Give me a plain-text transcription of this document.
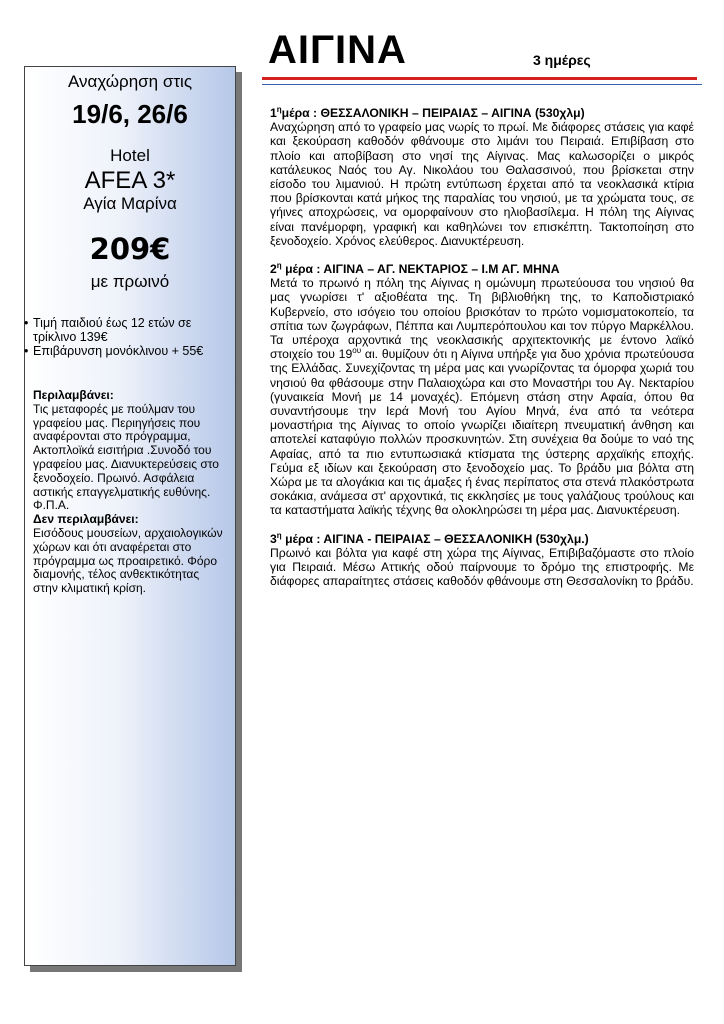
ΑΙΓΙΝΑ	3 ημέρες
Αναχώρηση στις
19/6, 26/6
Hotel
AFEA 3*
Αγία Μαρίνα
209€
με πρωινό
• Τιμή παιδιού έως 12 ετών σε τρίκλινο 139€
• Επιβάρυνση μονόκλινου + 55€
Περιλαμβάνει:
Τις μεταφορές με πούλμαν του γραφείου μας. Περιηγήσεις που αναφέρονται στο πρόγραμμα, Ακτοπλοϊκά εισιτήρια .Συνοδό του γραφείου μας. Διανυκτερεύσεις στο ξενοδοχείο. Πρωινό. Ασφάλεια αστικής επαγγελματικής ευθύνης. Φ.Π.Α.
Δεν περιλαμβάνει:
Εισόδους μουσείων, αρχαιολογικών χώρων και ότι αναφέρεται στο πρόγραμμα ως προαιρετικό. Φόρο διαμονής, τέλος ανθεκτικότητας στην κλιματική κρίση.
$1^\eta\mu έ\rho\alpha$ : ΘΕΣΣΑΛΟΝΙΚΗ – ΠΕΙΡΑΙΑΣ – ΑΙΓΙΝΑ (530χλμ)
Αναχώρηση από το γραφείο μας νωρίς το πρωί. Με διάφορες στάσεις για καφέ και ξεκούραση καθοδόν φθάνουμε στο λιμάνι του Πειραιά. Επιβίβαση στο πλοίο και αποβίβαση στο νησί της Αίγινας. Μας καλωσορίζει ο μικρός κατάλευκος Ναός του Αγ. Νικολάου του Θαλασσινού, που βρίσκεται στην είσοδο του λιμανιού. Η πρώτη εντύπωση έρχεται από τα νεοκλασικά κτίρια που βρίσκονται κατά μήκος της παραλίας του νησιού, με τα χρώματα τους, σε γήινες αποχρώσεις, να ομορφαίνουν στο ηλιοβασίλεμα. Η πόλη της Αίγινας είναι πανέμορφη, γραφική και καθηλώνει τον επισκέπτη. Τακτοποίηση στο ξενοδοχείο. Χρόνος ελεύθερος. Διανυκτέρευση.
$2^\eta$ μέρα : ΑΙΓΙΝΑ – ΑΓ. ΝΕΚΤΑΡΙΟΣ – Ι.Μ ΑΓ. ΜΗΝΑ
Μετά το πρωινό η πόλη της Αίγινας η ομώνυμη πρωτεύουσα του νησιού θα μας γνωρίσει τ' αξιοθέατα της. Τη βιβλιοθήκη της, το Καποδιστριακό Κυβερνείο, στο ισόγειο του οποίου βρισκόταν το πρώτο νομισματοκοπείο, τα σπίτια των ζωγράφων, Πέππα και Λυμπερόπουλου και τον πύργο Μαρκέλλου. Τα υπέροχα αρχοντικά της νεοκλασικής αρχιτεκτονικής με έντονο λαϊκό στοιχείο του $19^{o\upsilon}$ αι. θυμίζουν ότι η Αίγινα υπήρξε για δυο χρόνια πρωτεύουσα της Ελλάδας. Συνεχίζοντας τη μέρα μας και γνωρίζοντας τα όμορφα χωριά του νησιού θα φθάσουμε στην Παλαιοχώρα και στο Μοναστήρι του Αγ. Νεκταρίου (γυναικεία Μονή με 14 μοναχές). Επόμενη στάση στην Αφαία, όπου θα συναντήσουμε την Ιερά Μονή του Αγίου Μηνά, ένα από τα νεότερα μοναστήρια της Αίγινας το οποίο γνωρίζει ιδιαίτερη πνευματική άνθηση και αποτελεί καταφύγιο πολλών προσκυνητών. Στη συνέχεια θα δούμε το ναό της Αφαίας, από τα πιο εντυπωσιακά κτίσματα της ύστερης αρχαϊκής εποχής. Γεύμα εξ ιδίων και ξεκούραση στο ξενοδοχείο μας. Το βράδυ μια βόλτα στη Χώρα με τα αλογάκια και τις άμαξες ή ένας περίπατος στα στενά πλακόστρωτα σοκάκια, ανάμεσα στ' αρχοντικά, τις εκκλησίες με τους γαλάζιους τρούλους και τα καταστήματα λαϊκής τέχνης θα ολοκληρώσει τη μέρα μας. Διανυκτέρευση.
$3^\eta$ μέρα : ΑΙΓΙΝΑ - ΠΕΙΡΑΙΑΣ – ΘΕΣΣΑΛΟΝΙΚΗ (530χλμ.)
Πρωινό και βόλτα για καφέ στη χώρα της Αίγινας, Επιβιβαζόμαστε στο πλοίο για Πειραιά. Μέσω Αττικής οδού παίρνουμε το δρόμο της επιστροφής. Με διάφορες απαραίτητες στάσεις καθοδόν φθάνουμε στη Θεσσαλονίκη το βράδυ.
